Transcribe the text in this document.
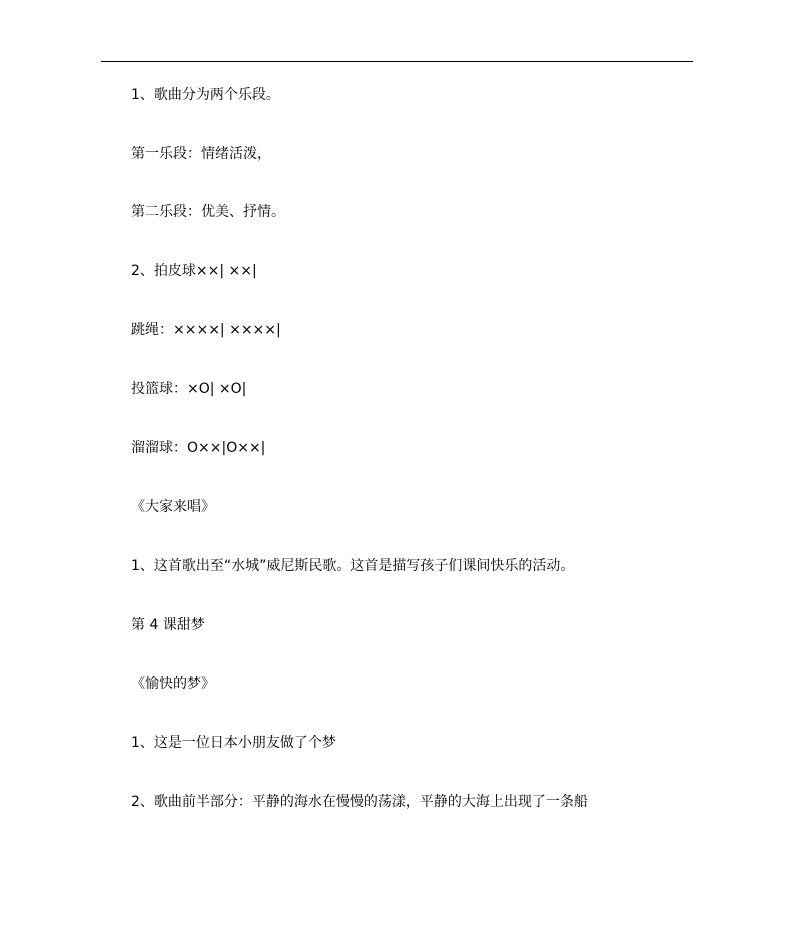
1、歌曲分为两个乐段。
第一乐段：情绪活泼，
第二乐段：优美、抒情。
2、拍皮球××| ××|
跳绳：××××| ××××|
投篮球：×O| ×O|
溜溜球：O××|O××|
《大家来唱》
1、这首歌出至“水城”威尼斯民歌。这首是描写孩子们课间快乐的活动。
第 4 课甜梦
《愉快的梦》
1、这是一位日本小朋友做了个梦
2、歌曲前半部分：平静的海水在慢慢的荡漾，平静的大海上出现了一条船
